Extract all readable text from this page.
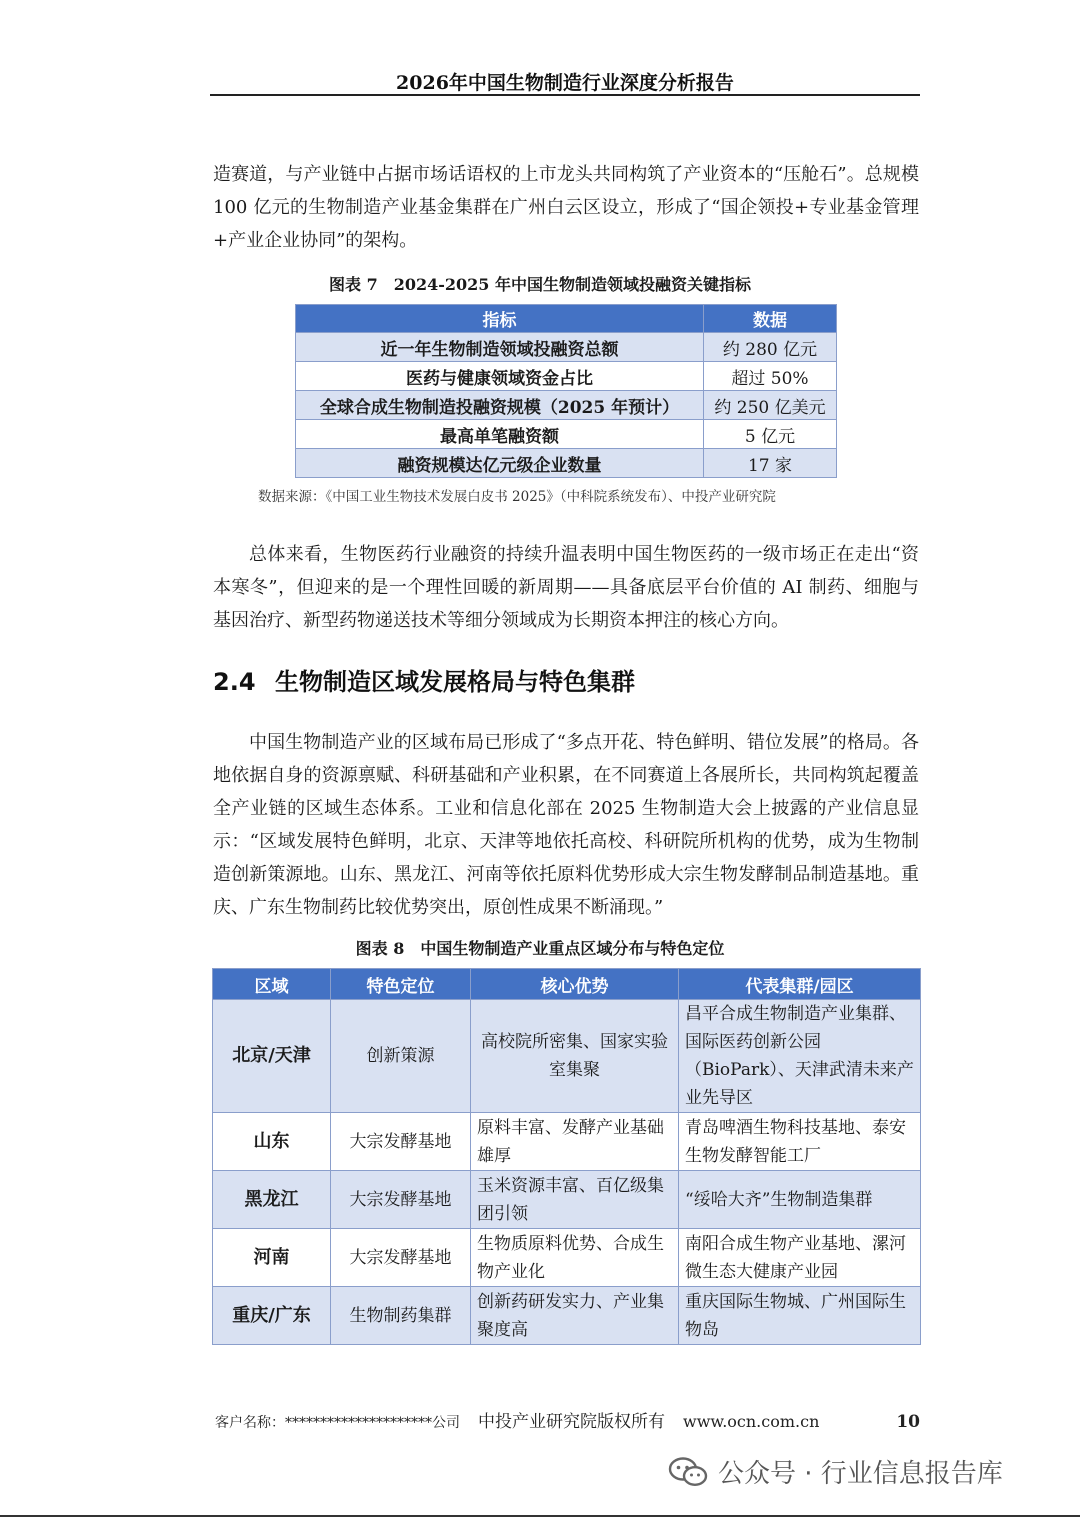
2026年中国生物制造行业深度分析报告

造赛道，与产业链中占据市场话语权的上市龙头共同构筑了产业资本的“压舱石”。总规模 100 亿元的生物制造产业基金集群在广州白云区设立，形成了“国企领投+专业基金管理+产业企业协同”的架构。

图表 7　2024-2025 年中国生物制造领域投融资关键指标
指标	数据
近一年生物制造领域投融资总额	约 280 亿元
医药与健康领域资金占比	超过 50%
全球合成生物制造投融资规模（2025 年预计）	约 250 亿美元
最高单笔融资额	5 亿元
融资规模达亿元级企业数量	17 家
数据来源：《中国工业生物技术发展白皮书 2025》（中科院系统发布）、中投产业研究院

总体来看，生物医药行业融资的持续升温表明中国生物医药的一级市场正在走出“资本寒冬”，但迎来的是一个理性回暖的新周期——具备底层平台价值的 AI 制药、细胞与基因治疗、新型药物递送技术等细分领域成为长期资本押注的核心方向。

2.4 生物制造区域发展格局与特色集群

中国生物制造产业的区域布局已形成了“多点开花、特色鲜明、错位发展”的格局。各地依据自身的资源禀赋、科研基础和产业积累，在不同赛道上各展所长，共同构筑起覆盖全产业链的区域生态体系。工业和信息化部在 2025 生物制造大会上披露的产业信息显示：“区域发展特色鲜明，北京、天津等地依托高校、科研院所机构的优势，成为生物制造创新策源地。山东、黑龙江、河南等依托原料优势形成大宗生物发酵制品制造基地。重庆、广东生物制药比较优势突出，原创性成果不断涌现。”

图表 8　中国生物制造产业重点区域分布与特色定位
区域	特色定位	核心优势	代表集群/园区
北京/天津	创新策源	高校院所密集、国家实验室集聚	昌平合成生物制造产业集群、国际医药创新公园（BioPark）、天津武清未来产业先导区
山东	大宗发酵基地	原料丰富、发酵产业基础雄厚	青岛啤酒生物科技基地、泰安生物发酵智能工厂
黑龙江	大宗发酵基地	玉米资源丰富、百亿级集团引领	“绥哈大齐”生物制造集群
河南	大宗发酵基地	生物质原料优势、合成生物产业化	南阳合成生物产业基地、漯河微生态大健康产业园
重庆/广东	生物制药集群	创新药研发实力、产业集聚度高	重庆国际生物城、广州国际生物岛
客户名称：*********************公司 中投产业研究院版权所有 www.ocn.com.cn	10
公众号 · 行业信息报告库
